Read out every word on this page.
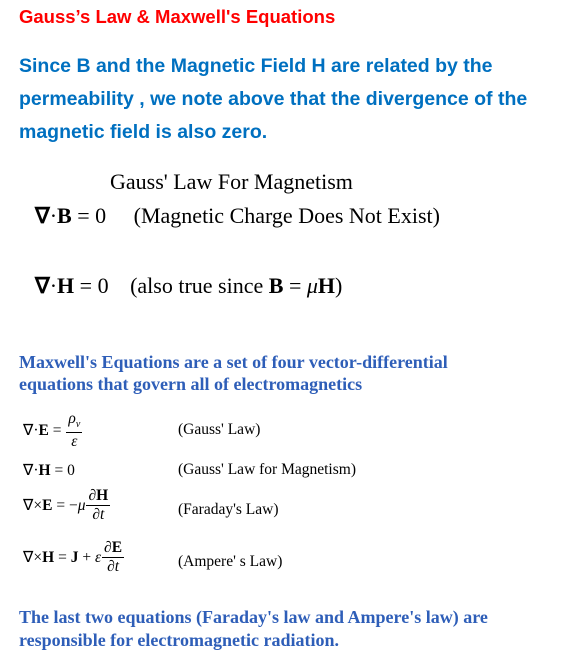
Gauss’s Law & Maxwell's Equations
Since B and the Magnetic Field H are related by the
permeability , we note above that the divergence of the
magnetic field is also zero.
Gauss' Law For Magnetism
∇·B = 0 (Magnetic Charge Does Not Exist)
∇·H = 0 (also true since B = μH)
Maxwell's Equations are a set of four vector-differential
equations that govern all of electromagnetics
$\nabla\cdot E = \frac{\rho_v}{\varepsilon}$	(Gauss' Law)
∇·H = 0	(Gauss' Law for Magnetism)
$\nabla\times E = -\mu \frac{\partial H}{\partial t}$	(Faraday's Law)
∇×H = J + ε $\frac{\partial E}{\partial t}$	(Ampere' s Law)
The last two equations (Faraday's law and Ampere's law) are
responsible for electromagnetic radiation.
